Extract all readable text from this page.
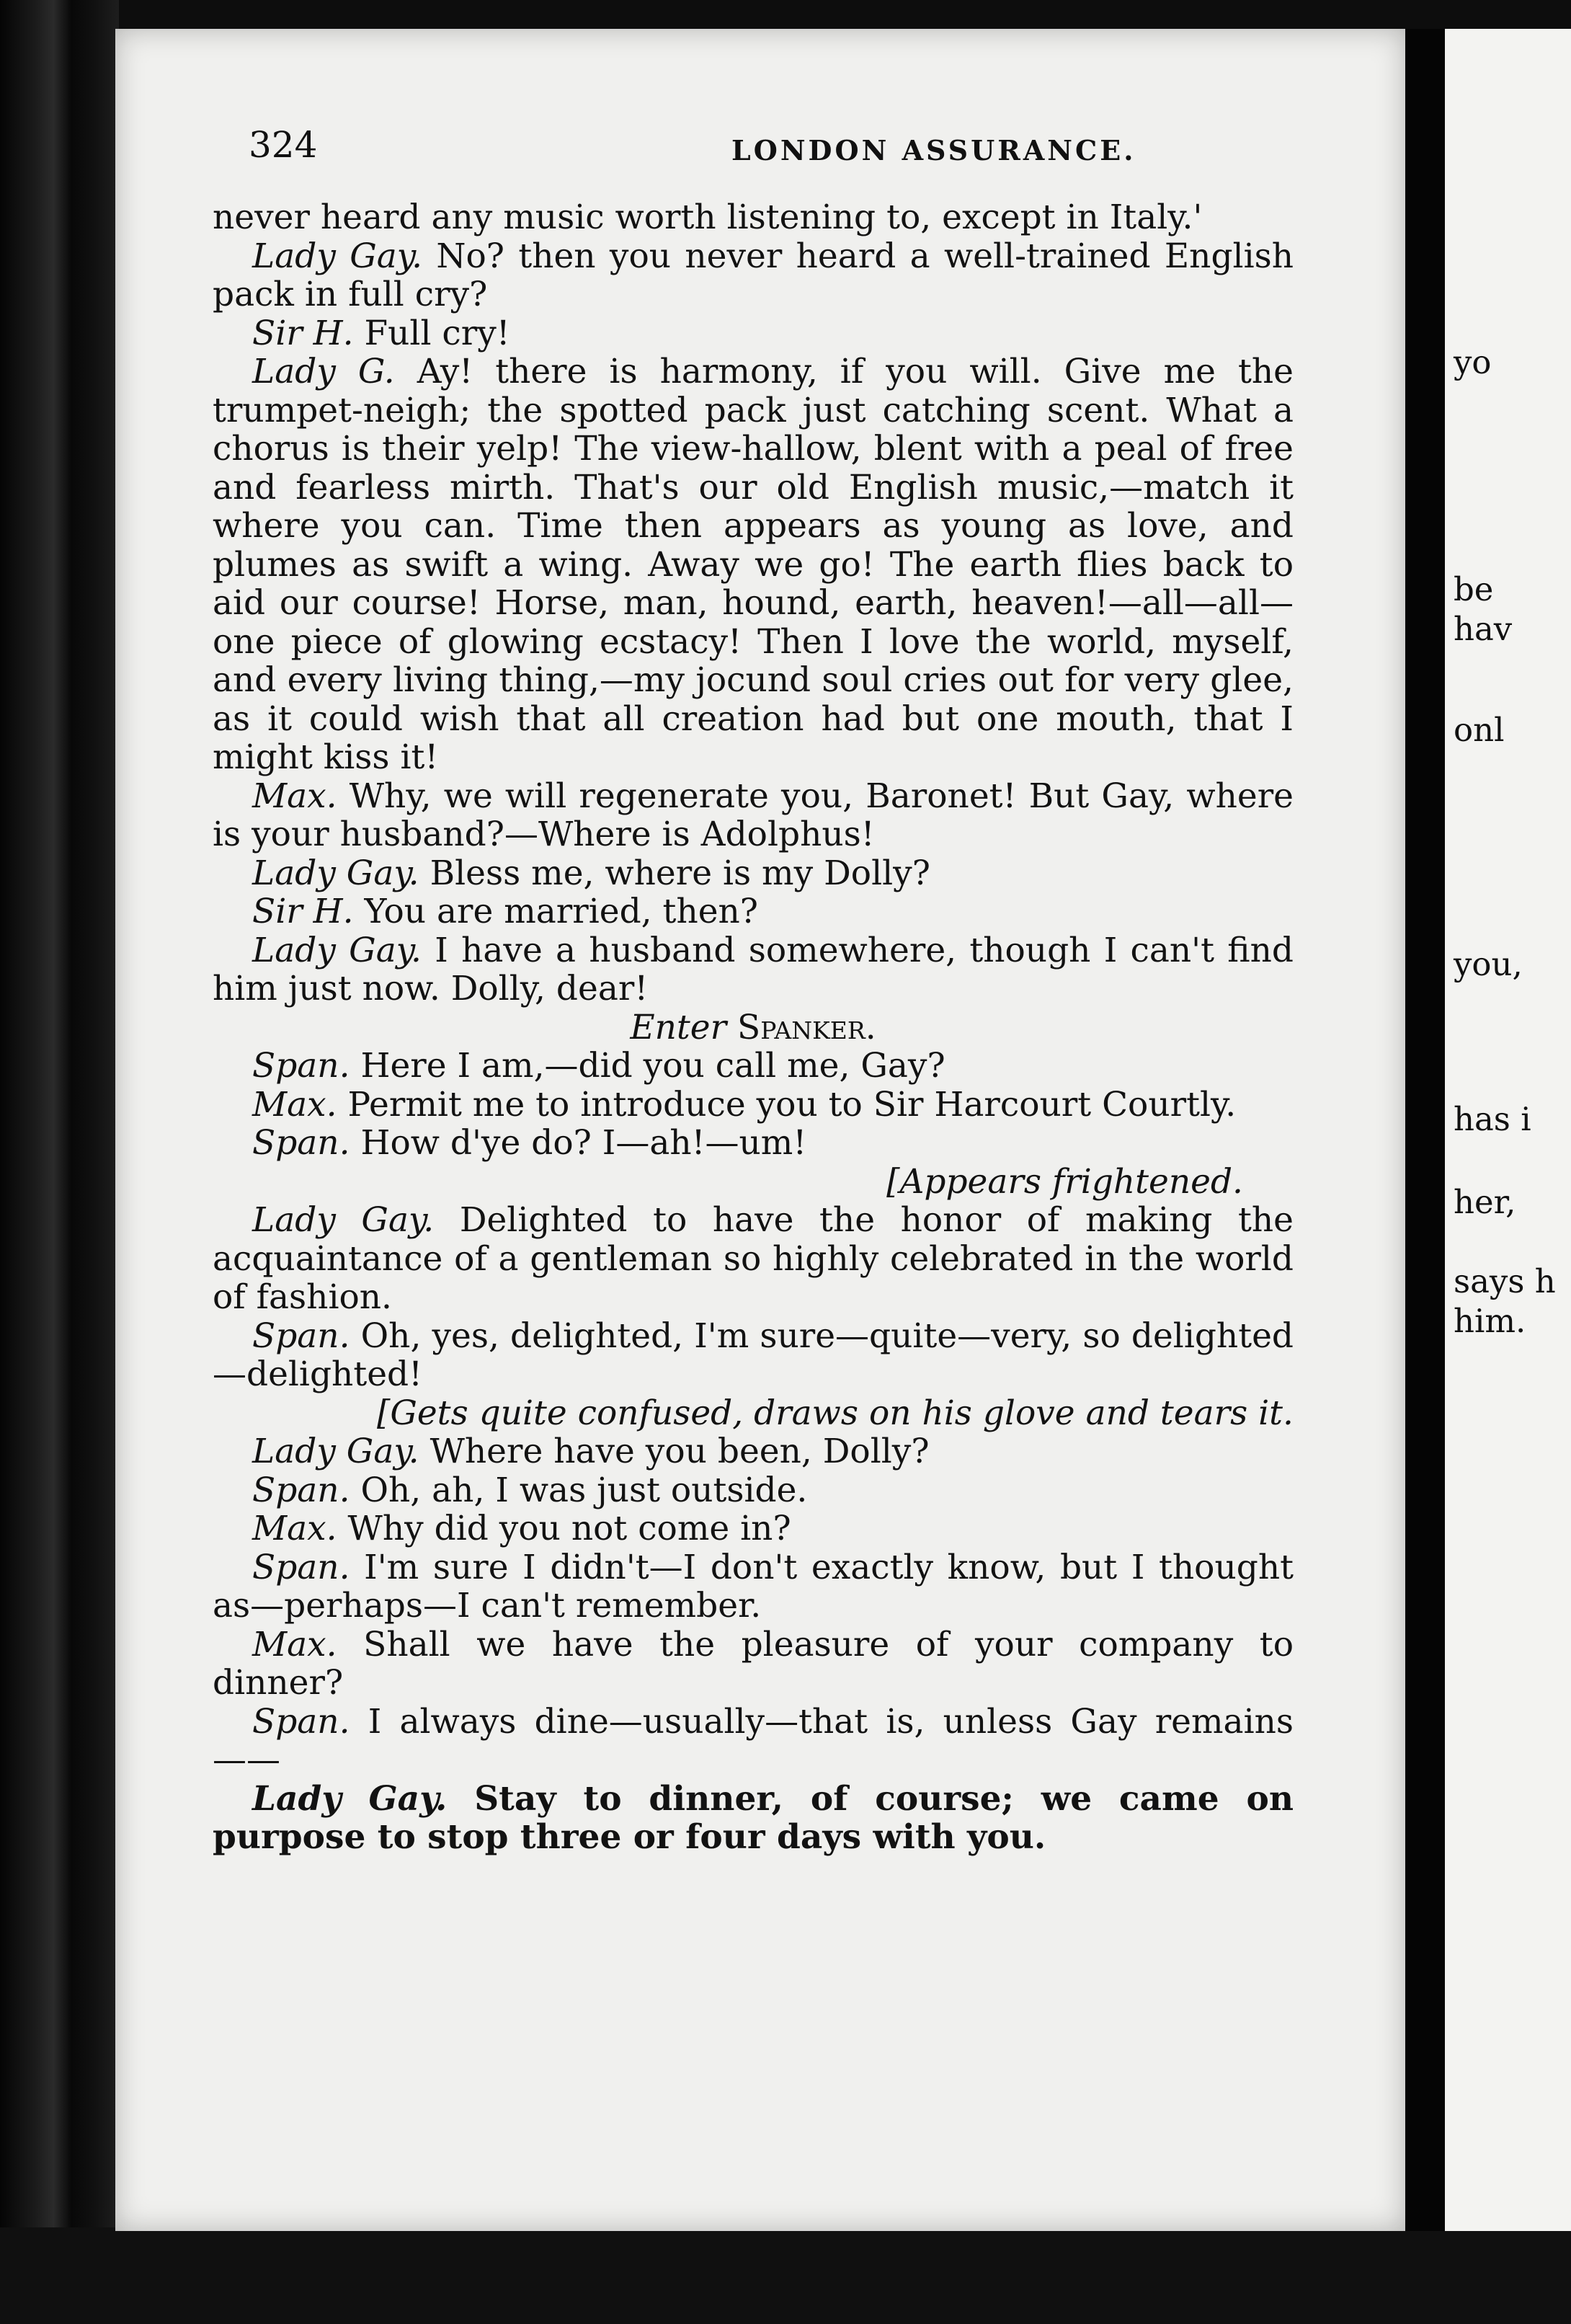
yo
be
hav
onl
you,
has i
her,
says h
him.
324	LONDON ASSURANCE.

never heard any music worth listening to, except in Italy.'

Lady Gay. No? then you never heard a well-trained English pack in full cry?

Sir H. Full cry!

Lady G. Ay! there is harmony, if you will. Give me the trumpet-neigh; the spotted pack just catching scent. What a chorus is their yelp! The view-hallow, blent with a peal of free and fearless mirth. That's our old English music,—match it where you can. Time then appears as young as love, and plumes as swift a wing. Away we go! The earth flies back to aid our course! Horse, man, hound, earth, heaven!—all—all—one piece of glowing ecstacy! Then I love the world, myself, and every living thing,—my jocund soul cries out for very glee, as it could wish that all creation had but one mouth, that I might kiss it!

Max. Why, we will regenerate you, Baronet! But Gay, where is your husband?—Where is Adolphus!

Lady Gay. Bless me, where is my Dolly?

Sir H. You are married, then?

Lady Gay. I have a husband somewhere, though I can't find him just now. Dolly, dear!

Enter Spanker.

Span. Here I am,—did you call me, Gay?

Max. Permit me to introduce you to Sir Harcourt Courtly.

Span. How d'ye do? I—ah!—um!

[Appears frightened.

Lady Gay. Delighted to have the honor of making the acquaintance of a gentleman so highly celebrated in the world of fashion.

Span. Oh, yes, delighted, I'm sure—quite—very, so delighted—delighted!

[Gets quite confused, draws on his glove and tears it.

Lady Gay. Where have you been, Dolly?

Span. Oh, ah, I was just outside.

Max. Why did you not come in?

Span. I'm sure I didn't—I don't exactly know, but I thought as—perhaps—I can't remember.

Max. Shall we have the pleasure of your company to dinner?

Span. I always dine—usually—that is, unless Gay remains——

Lady Gay. Stay to dinner, of course; we came on purpose to stop three or four days with you.
